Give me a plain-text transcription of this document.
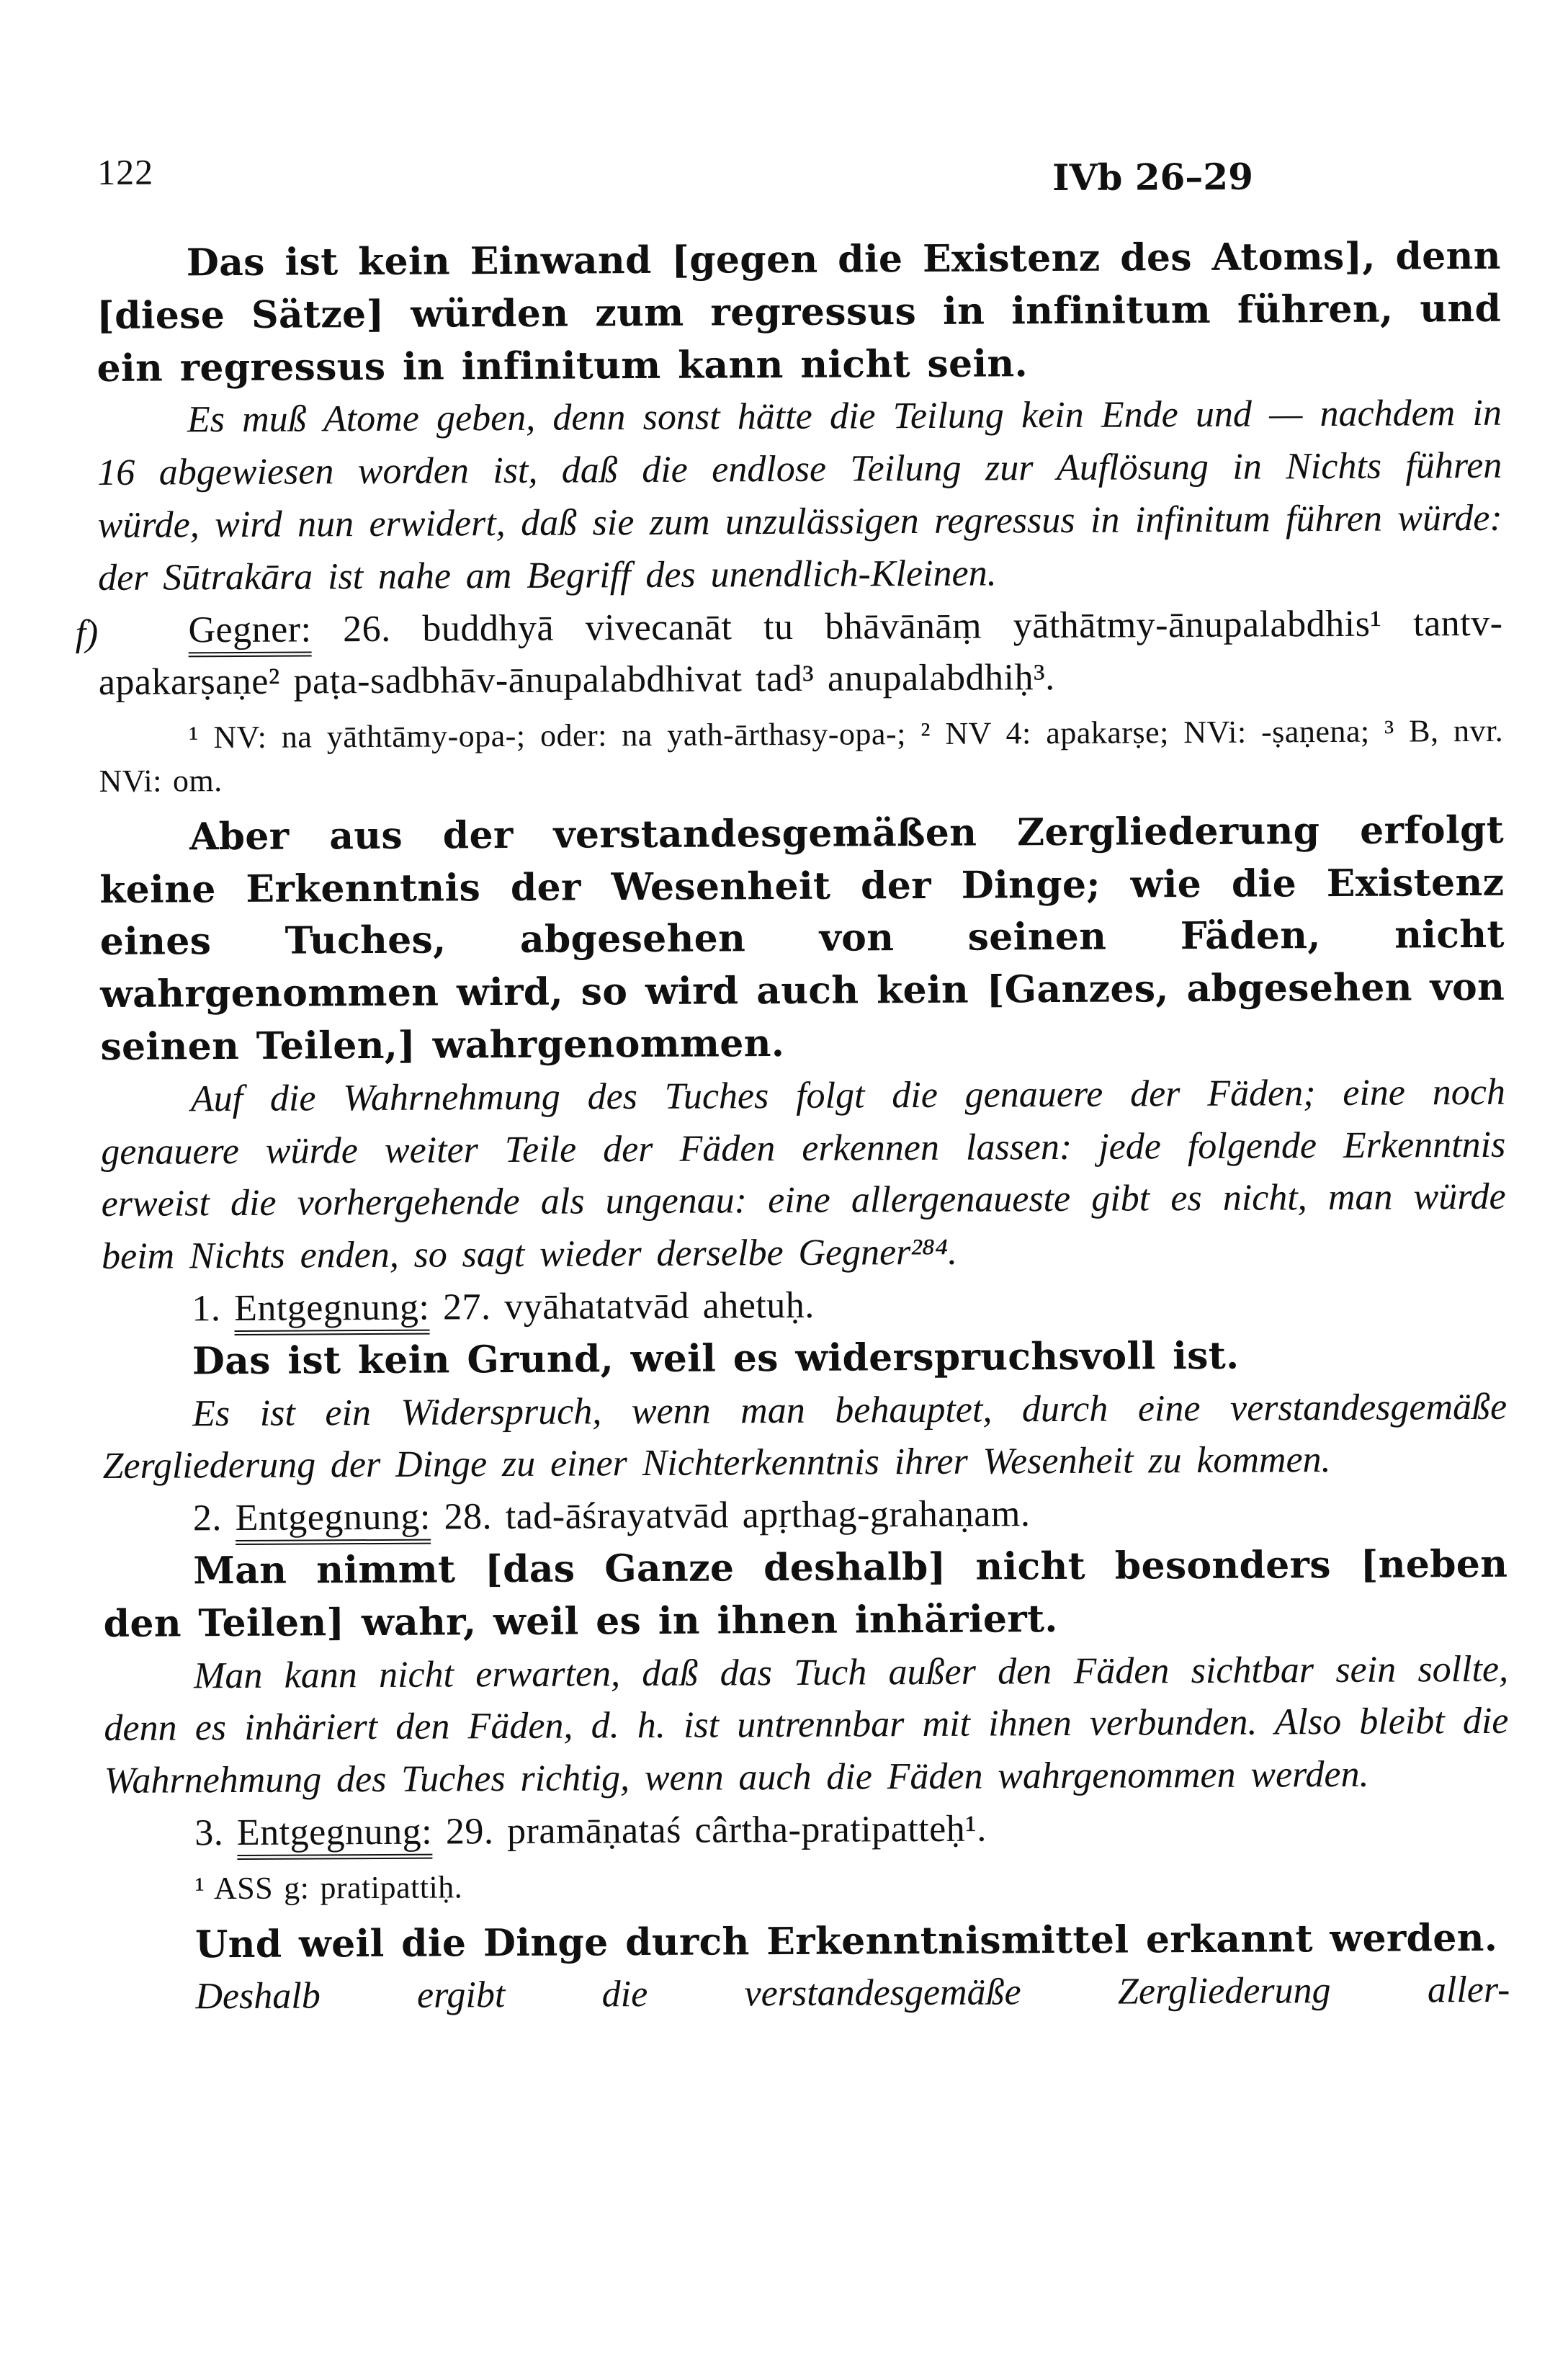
122	IVb 26–29

Das ist kein Einwand [gegen die Existenz des Atoms], denn [diese Sätze] würden zum regressus in infinitum führen, und ein regressus in infinitum kann nicht sein.

Es muß Atome geben, denn sonst hätte die Teilung kein Ende und — nachdem in 16 abgewiesen worden ist, daß die endlose Teilung zur Auflösung in Nichts führen würde, wird nun erwidert, daß sie zum unzulässigen regressus in infinitum führen würde: der Sūtrakāra ist nahe am Begriff des unendlich-Kleinen.

f)	Gegner: 26. buddhyā vivecanāt tu bhāvānāṃ yāthātmy-ānupalabdhis¹ tantv-apakarṣaṇe² paṭa-sadbhāv-ānupalabdhivat tad³ anupalabdhiḥ³.

¹ NV: na yāthtāmy-opa-; oder: na yath-ārthasy-opa-; ² NV 4: apakarṣe; NVi: -ṣaṇena; ³ B, nvr. NVi: om.

Aber aus der verstandesgemäßen Zergliederung erfolgt keine Erkenntnis der Wesenheit der Dinge; wie die Existenz eines Tuches, abgesehen von seinen Fäden, nicht wahrgenommen wird, so wird auch kein [Ganzes, abgesehen von seinen Teilen,] wahrgenommen.

Auf die Wahrnehmung des Tuches folgt die genauere der Fäden; eine noch genauere würde weiter Teile der Fäden erkennen lassen: jede folgende Erkenntnis erweist die vorhergehende als ungenau: eine allergenaueste gibt es nicht, man würde beim Nichts enden, so sagt wieder derselbe Gegner²⁸⁴.

1. Entgegnung: 27. vyāhatatvād ahetuḥ.

Das ist kein Grund, weil es widerspruchsvoll ist.

Es ist ein Widerspruch, wenn man behauptet, durch eine verstandesgemäße Zergliederung der Dinge zu einer Nichterkenntnis ihrer Wesenheit zu kommen.

2. Entgegnung: 28. tad-āśrayatvād apṛthag-grahaṇam.

Man nimmt [das Ganze deshalb] nicht besonders [neben den Teilen] wahr, weil es in ihnen inhäriert.

Man kann nicht erwarten, daß das Tuch außer den Fäden sichtbar sein sollte, denn es inhäriert den Fäden, d. h. ist untrennbar mit ihnen verbunden. Also bleibt die Wahrnehmung des Tuches richtig, wenn auch die Fäden wahrgenommen werden.

3. Entgegnung: 29. pramāṇataś cârtha-pratipatteḥ¹.

¹ ASS g: pratipattiḥ.

Und weil die Dinge durch Erkenntnismittel erkannt werden.

Deshalb ergibt die verstandesgemäße Zergliederung aller-
